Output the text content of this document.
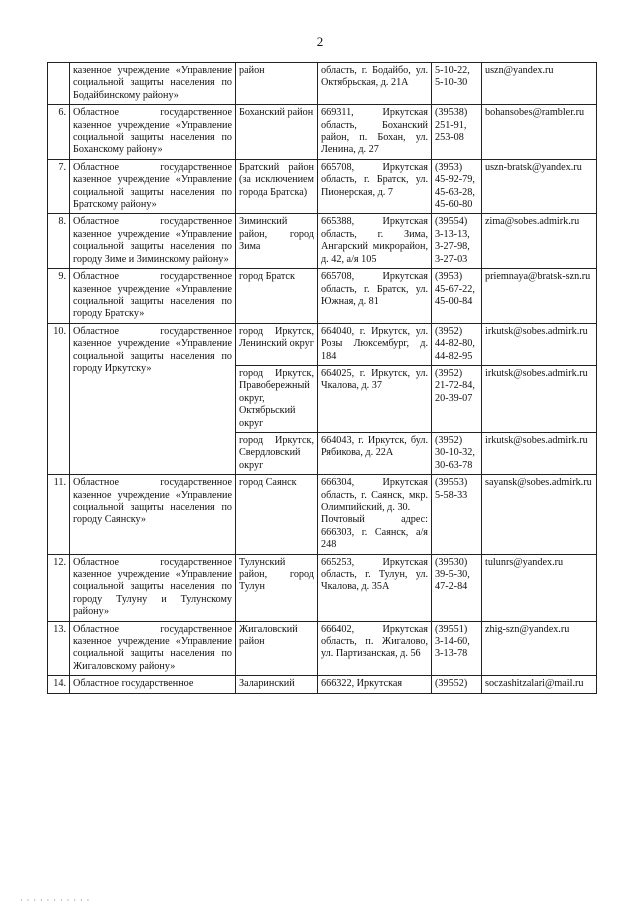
2

	казенное учреждение «Управление социальной защиты населения по Бодайбинскому району»	район	область, г. Бодайбо, ул. Октябрьская, д. 21А	5-10-22,
5-10-30	uszn@yandex.ru

6.	Областное государственное казенное учреждение «Управление социальной защиты населения по Боханскому району»	Боханский район	669311, Иркутская область, Боханский район, п. Бохан, ул. Ленина, д. 27	(39538)
251-91,
253-08	bohansobes@rambler.ru

7.	Областное государственное казенное учреждение «Управление социальной защиты населения по Братскому району»	Братский район (за исключением города Братска)	665708, Иркутская область, г. Братск, ул. Пионерская, д. 7	(3953)
45-92-79,
45-63-28,
45-60-80	uszn-bratsk@yandex.ru

8.	Областное государственное казенное учреждение «Управление социальной защиты населения по городу Зиме и Зиминскому району»	Зиминский район, город Зима	665388, Иркутская область, г. Зима, Ангарский микрорайон, д. 42, а/я 105	(39554)
3-13-13,
3-27-98,
3-27-03	zima@sobes.admirk.ru

9.	Областное государственное казенное учреждение «Управление социальной защиты населения по городу Братску»	город Братск	665708, Иркутская область, г. Братск, ул. Южная, д. 81	(3953)
45-67-22,
45-00-84	priemnaya@bratsk-szn.ru

10.	Областное государственное казенное учреждение «Управление социальной защиты населения по городу Иркутску»	город Иркутск, Ленинский округ	664040, г. Иркутск, ул. Розы Люксембург, д. 184	(3952)
44-82-80,
44-82-95	irkutsk@sobes.admirk.ru

		город Иркутск, Правобережный округ, Октябрьский округ	664025, г. Иркутск, ул. Чкалова, д. 37	(3952)
21-72-84,
20-39-07	irkutsk@sobes.admirk.ru

		город Иркутск, Свердловский округ	664043, г. Иркутск, бул. Рябикова, д. 22А	(3952)
30-10-32,
30-63-78	irkutsk@sobes.admirk.ru

11.	Областное государственное казенное учреждение «Управление социальной защиты населения по городу Саянску»	город Саянск	666304, Иркутская область, г. Саянск, мкр. Олимпийский, д. 30.
Почтовый адрес: 666303, г. Саянск, а/я 248	(39553)
5-58-33	sayansk@sobes.admirk.ru

12.	Областное государственное казенное учреждение «Управление социальной защиты населения по городу Тулуну и Тулунскому району»	Тулунский район, город Тулун	665253, Иркутская область, г. Тулун, ул. Чкалова, д. 35А	(39530)
39-5-30,
47-2-84	tulunrs@yandex.ru

13.	Областное государственное казенное учреждение «Управление социальной защиты населения по Жигаловскому району»	Жигаловский район	666402, Иркутская область, п. Жигалово, ул. Партизанская, д. 56	(39551)
3-14-60,
3-13-78	zhig-szn@yandex.ru

14.	Областное государственное	Заларинский	666322, Иркутская	(39552)	soczashitzalari@mail.ru
· · · · · · · · · · ·
